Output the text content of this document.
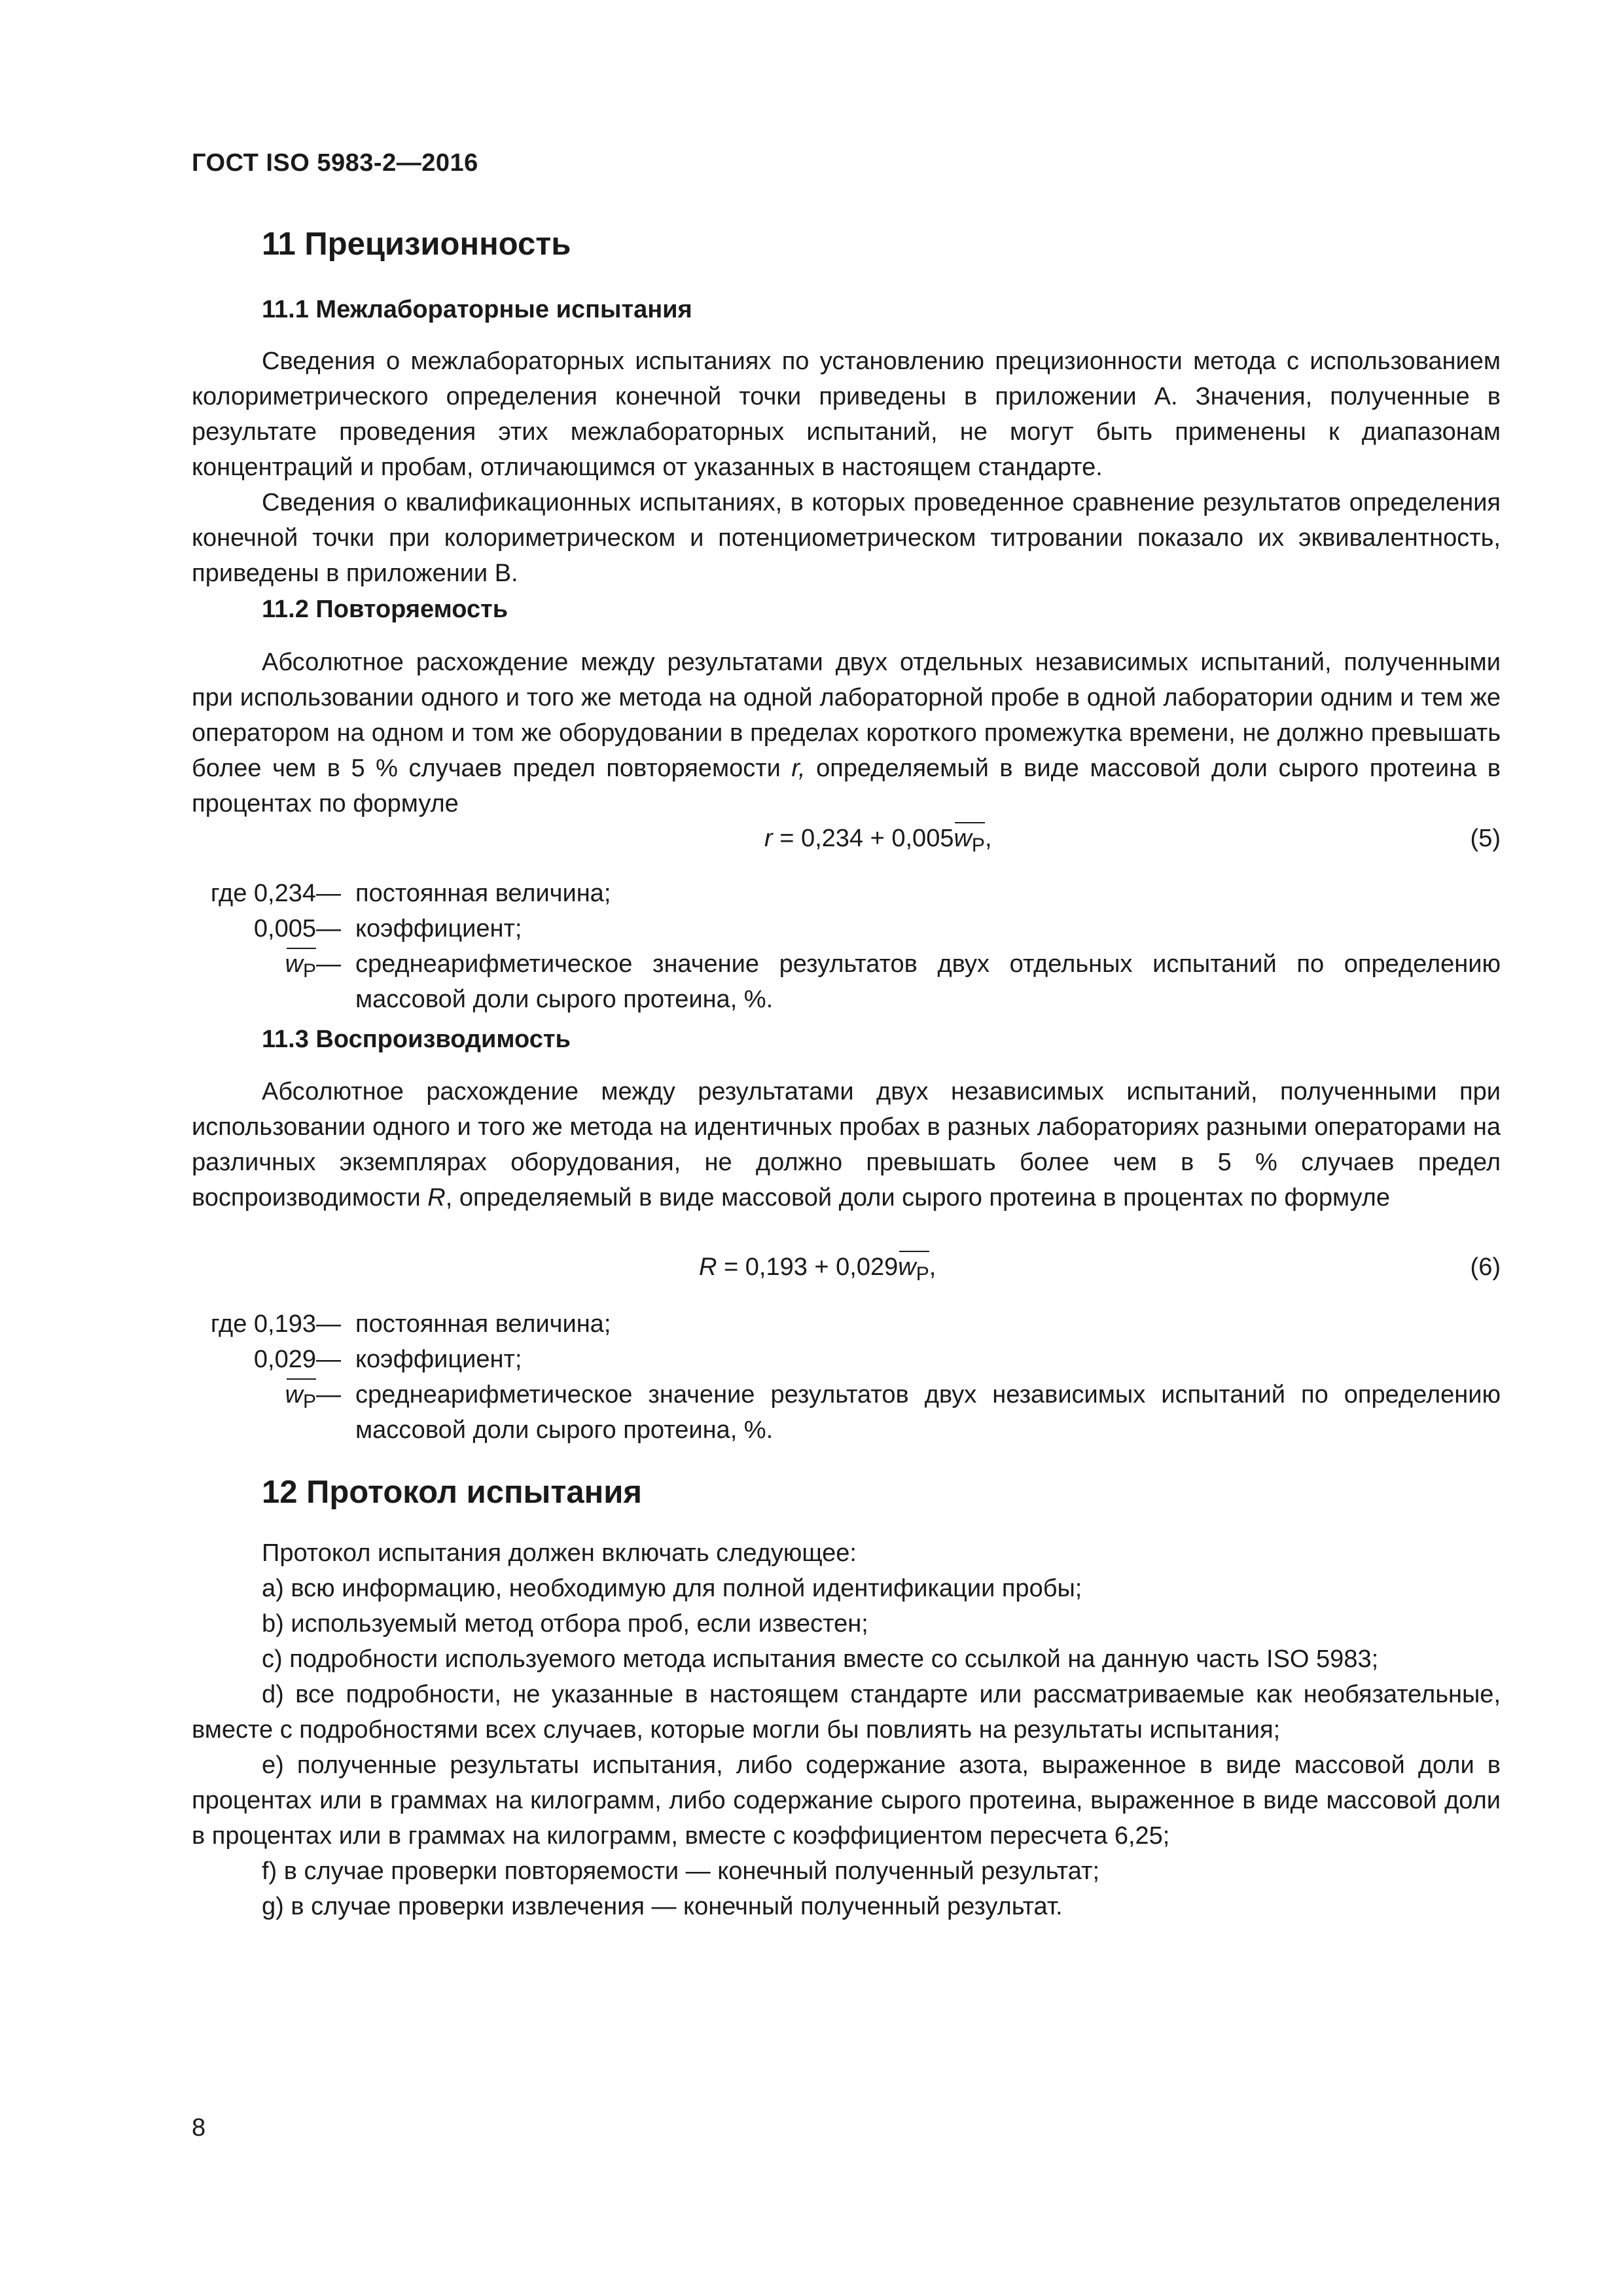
ГОСТ ISO 5983-2—2016
11 Прецизионность
11.1 Межлабораторные испытания
Сведения о межлабораторных испытаниях по установлению прецизионности метода с использованием колориметрического определения конечной точки приведены в приложении А. Значения, полученные в результате проведения этих межлабораторных испытаний, не могут быть применены к диапазонам концентраций и пробам, отличающимся от указанных в настоящем стандарте.
Сведения о квалификационных испытаниях, в которых проведенное сравнение результатов определения конечной точки при колориметрическом и потенциометрическом титровании показало их эквивалентность, приведены в приложении В.
11.2 Повторяемость
Абсолютное расхождение между результатами двух отдельных независимых испытаний, полученными при использовании одного и того же метода на одной лабораторной пробе в одной лаборатории одним и тем же оператором на одном и том же оборудовании в пределах короткого промежутка времени, не должно превышать более чем в 5 % случаев предел повторяемости r, определяемый в виде массовой доли сырого протеина в процентах по формуле
r = 0,234 + 0,005
$w_P$,	(5)
где 0,234 — постоянная величина;
0,005 — коэффициент;
$w_P$ — среднеарифметическое значение результатов двух отдельных испытаний по определению массовой доли сырого протеина, %.
11.3 Воспроизводимость
Абсолютное расхождение между результатами двух независимых испытаний, полученными при использовании одного и того же метода на идентичных пробах в разных лабораториях разными операторами на различных экземплярах оборудования, не должно превышать более чем в 5 % случаев предел воспроизводимости R, определяемый в виде массовой доли сырого протеина в процентах по формуле
R = 0,193 + 0,029
$w_P$,	(6)
где 0,193 — постоянная величина;
0,029 — коэффициент;
$w_P$ — среднеарифметическое значение результатов двух независимых испытаний по определению массовой доли сырого протеина, %.
12 Протокол испытания
Протокол испытания должен включать следующее:
a) всю информацию, необходимую для полной идентификации пробы;
b) используемый метод отбора проб, если известен;
c) подробности используемого метода испытания вместе со ссылкой на данную часть ISO 5983;
d) все подробности, не указанные в настоящем стандарте или рассматриваемые как необязательные, вместе с подробностями всех случаев, которые могли бы повлиять на результаты испытания;
e) полученные результаты испытания, либо содержание азота, выраженное в виде массовой доли в процентах или в граммах на килограмм, либо содержание сырого протеина, выраженное в виде массовой доли в процентах или в граммах на килограмм, вместе с коэффициентом пересчета 6,25;
f) в случае проверки повторяемости — конечный полученный результат;
g) в случае проверки извлечения — конечный полученный результат.
8
